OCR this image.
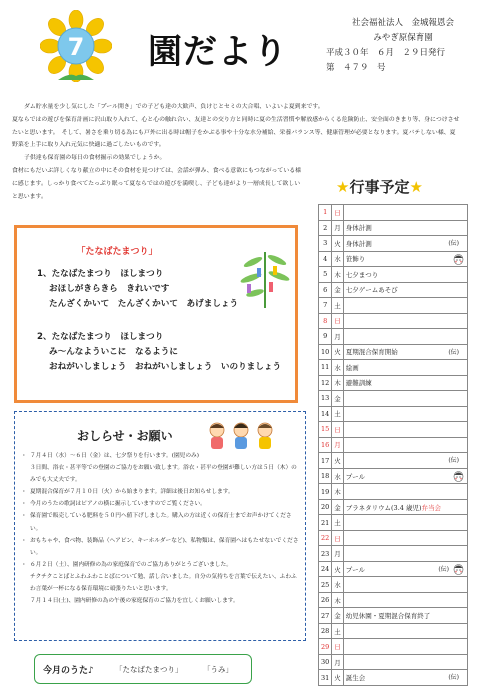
7 園だより
社会福祉法人　金城報恩会
みやぎ原保育園
平成３０年　６月　２９日発行
第　４７９　号

ダム貯水量を少し気にした「プール開き」での子ども達の大歓声、負けじとセミの大合唱、いよいよ夏到来です。

夏ならではの遊びを保育計画に沢山取り入れて、心と心の触れ合い、友達との交り方と同時に夏の生活習慣や解放感からくる危険防止、安全面のきまり等、身につけさせたいと思います。　そして、暑さを乗り切る為にも戸外に出る時は帽子をかぶる事や十分な水分補給、栄養バランス等、健康管理が必要となります。夏バテしない様、夏野菜を上手に取り入れ元気に快適に過ごしたいものです。

子供達も保育園の毎日の食材掘示の効果でしょうか。

食材にもだいぶ詳しくなり献立の中にその食材を見つけては、会話が弾み、食べる意欲にもつながっている様に感じます。しっかり食べてたっぷり眠って夏ならではの遊びを満喫し、子ども達がより一層成長して欲しいと思います。

「たなばたまつり」
1、たなばたまつり　ほしまつり
おほしがきらきら　きれいです
たんざくかいて　たんざくかいて　あげましょう
2、たなばたまつり　ほしまつり
み～んなよういこに　なるように
おねがいしましょう　おねがいしましょう　いのりましょう
おしらせ・お願い
・ ７月４日（水）～６日（金）は、七夕祭りを行います。(園児のみ)
３日間、浴衣・甚平等での登園のご協力をお願い致します。浴衣・甚平の登園が難しい方は５日（木）のみでも大丈夫です。
・ 夏期混合保育が７月１０日（火）から始まります。詳細は後日お知らせします。
・ 今月のうたの歌詞はピアノの横に掘示していますのでご覧ください。
・ 保育園で販売している肥料を５０円へ値下げしました。購入の方は近くの保育士までお声かけてください。
・ おもちゃや、食べ物、装飾品（ヘアピン、キーホルダーなど)、私物類は、保育園へはもたせないでください。
・ ６月２日（土）、園内研修の為の家庭保育でのご協力ありがとうございました。
チクチクことばとふわふわことばについて勉、話し合いました。自分の気持ちを言葉で伝えたい、ふわふわ言葉が一杯になる保育環境に頑張りたいと思います。
７月１４日(土)、園内研修の為の午後の家庭保育のご協力を宜しくお願いします。
今月のうた♪	「たなばたまつり」	「うみ」
★行事予定★
1	日	
2	月	身体計測
3	火	身体計測 (伝)

4	水	笹飾り

5	木	七夕まつり
6	金	七夕ゲームあそび
7	土	
8	日	
9	月	
10	火	夏期混合保育開始 (伝)

11	水	絵画
12	木	避難訓練
13	金	
14	土	
15	日	
16	月	
17	火	(伝)

18	水	プール

19	木	
20	金	ブラネタリウム(3.4 歳児)弁当会
21	土	
22	日	
23	月	
24	火	プール (伝)

25	水	
26	木	
27	金	幼児休園・夏期混合保育終了
28	土	
29	日	
30	月	
31	火	誕生会 (伝)
